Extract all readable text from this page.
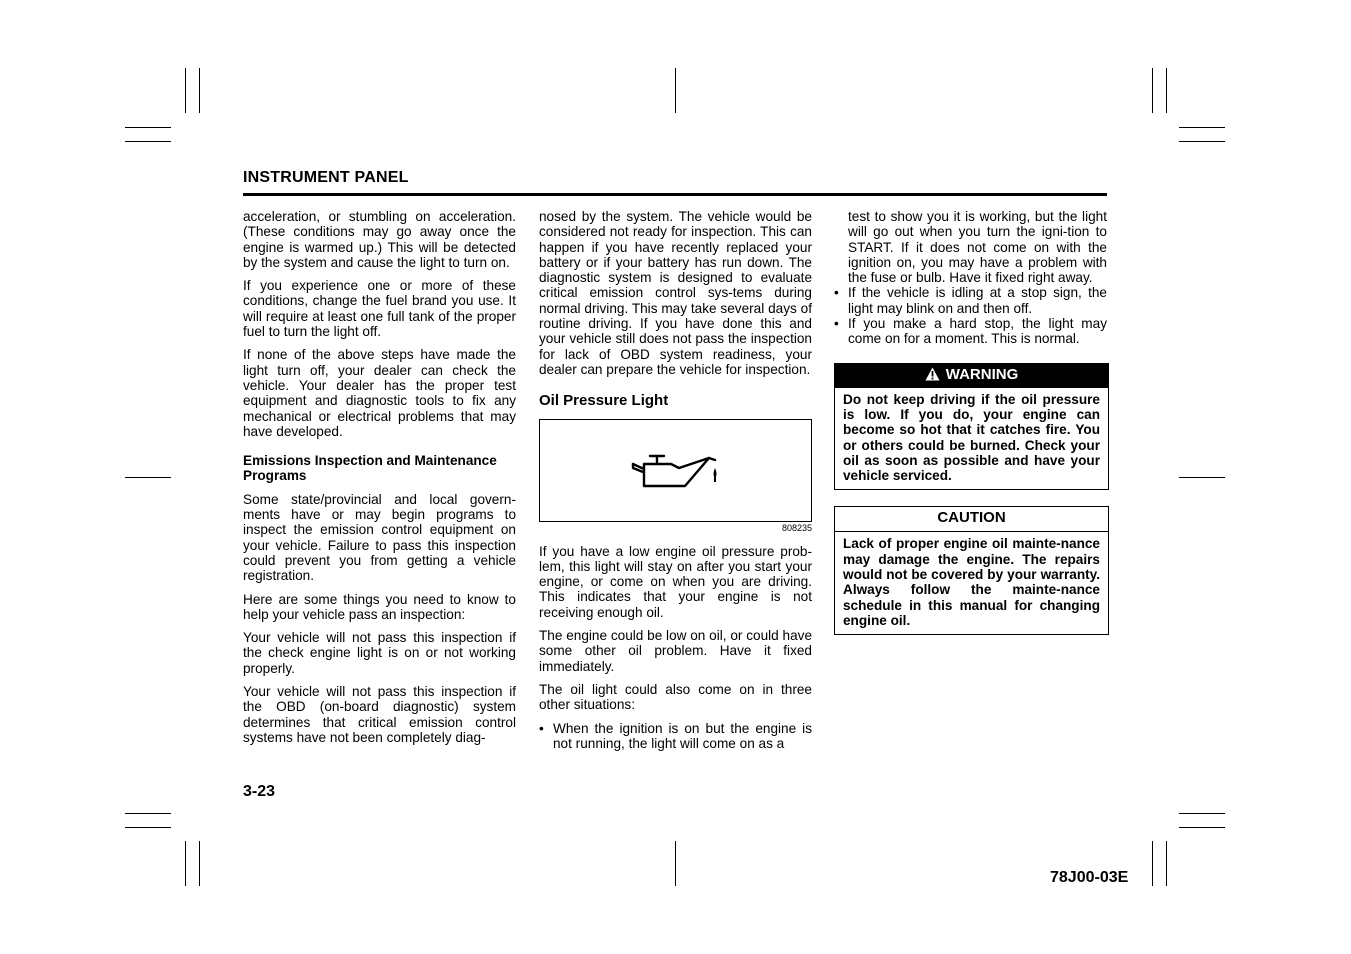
INSTRUMENT PANEL

acceleration, or stumbling on acceleration. (These conditions may go away once the engine is warmed up.) This will be detected by the system and cause the light to turn on.

If you experience one or more of these conditions, change the fuel brand you use. It will require at least one full tank of the proper fuel to turn the light off.

If none of the above steps have made the light turn off, your dealer can check the vehicle. Your dealer has the proper test equipment and diagnostic tools to fix any mechanical or electrical problems that may have developed.

Emissions Inspection and Maintenance Programs

Some state/provincial and local govern-ments have or may begin programs to inspect the emission control equipment on your vehicle. Failure to pass this inspection could prevent you from getting a vehicle registration.

Here are some things you need to know to help your vehicle pass an inspection:

Your vehicle will not pass this inspection if the check engine light is on or not working properly.

Your vehicle will not pass this inspection if the OBD (on-board diagnostic) system determines that critical emission control systems have not been completely diag-

nosed by the system. The vehicle would be considered not ready for inspection. This can happen if you have recently replaced your battery or if your battery has run down. The diagnostic system is designed to evaluate critical emission control sys-tems during normal driving. This may take several days of routine driving. If you have done this and your vehicle still does not pass the inspection for lack of OBD system readiness, your dealer can prepare the vehicle for inspection.

Oil Pressure Light

808235

If you have a low engine oil pressure prob-lem, this light will stay on after you start your engine, or come on when you are driving. This indicates that your engine is not receiving enough oil.

The engine could be low on oil, or could have some other oil problem. Have it fixed immediately.

The oil light could also come on in three other situations:

• When the ignition is on but the engine is not running, the light will come on as a

test to show you it is working, but the light will go out when you turn the igni-tion to START. If it does not come on with the ignition on, you may have a problem with the fuse or bulb. Have it fixed right away.

• If the vehicle is idling at a stop sign, the light may blink on and then off.
• If you make a hard stop, the light may come on for a moment. This is normal.
WARNING
Do not keep driving if the oil pressure is low. If you do, your engine can become so hot that it catches fire. You or others could be burned. Check your oil as soon as possible and have your vehicle serviced.
CAUTION
Lack of proper engine oil mainte-nance may damage the engine. The repairs would not be covered by your warranty. Always follow the mainte-nance schedule in this manual for changing engine oil.
3-23
78J00-03E
